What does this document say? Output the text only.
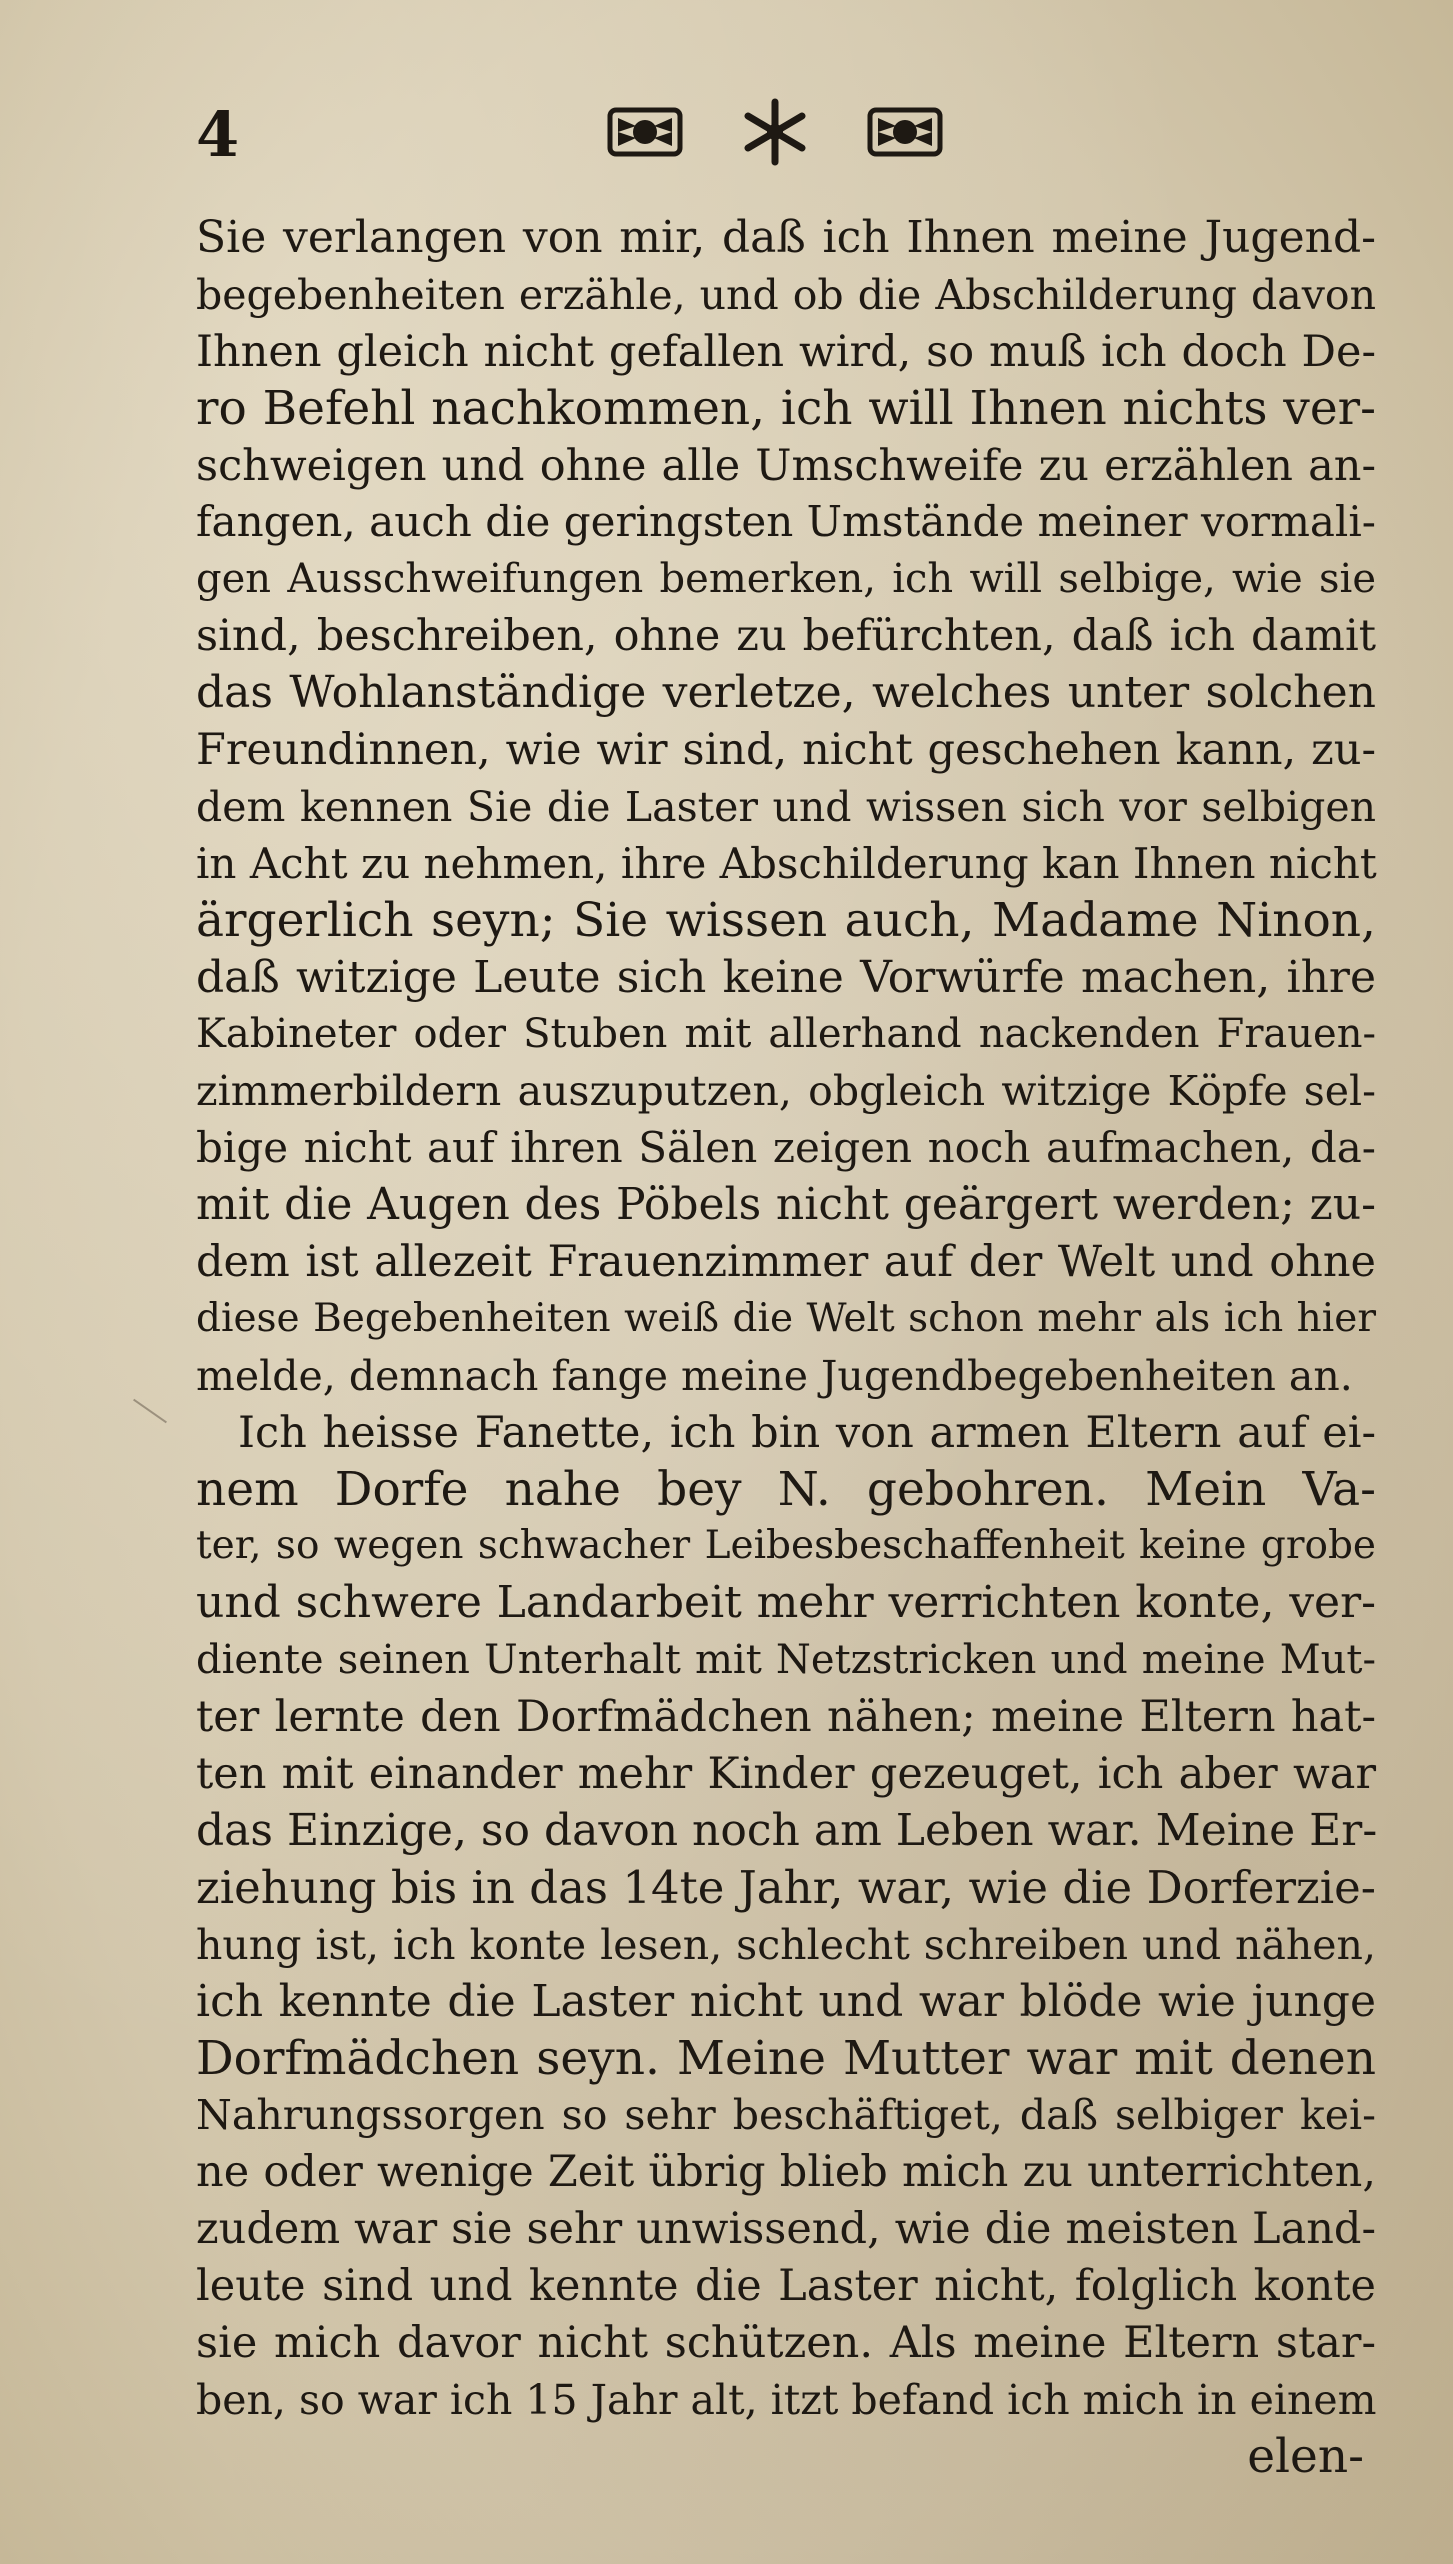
4
Sie verlangen von mir, daß ich Ihnen meine Jugend-
begebenheiten erzähle, und ob die Abschilderung davon
Ihnen gleich nicht gefallen wird, so muß ich doch De-
ro Befehl nachkommen, ich will Ihnen nichts ver-
schweigen und ohne alle Umschweife zu erzählen an-
fangen, auch die geringsten Umstände meiner vormali-
gen Ausschweifungen bemerken, ich will selbige, wie sie
sind, beschreiben, ohne zu befürchten, daß ich damit
das Wohlanständige verletze, welches unter solchen
Freundinnen, wie wir sind, nicht geschehen kann, zu-
dem kennen Sie die Laster und wissen sich vor selbigen
in Acht zu nehmen, ihre Abschilderung kan Ihnen nicht
ärgerlich seyn; Sie wissen auch, Madame Ninon,
daß witzige Leute sich keine Vorwürfe machen, ihre
Kabineter oder Stuben mit allerhand nackenden Frauen-
zimmerbildern auszuputzen, obgleich witzige Köpfe sel-
bige nicht auf ihren Sälen zeigen noch aufmachen, da-
mit die Augen des Pöbels nicht geärgert werden; zu-
dem ist allezeit Frauenzimmer auf der Welt und ohne
diese Begebenheiten weiß die Welt schon mehr als ich hier
melde, demnach fange meine Jugendbegebenheiten an.
Ich heisse Fanette, ich bin von armen Eltern auf ei-
nem Dorfe nahe bey N. gebohren. Mein Va-
ter, so wegen schwacher Leibesbeschaffenheit keine grobe
und schwere Landarbeit mehr verrichten konte, ver-
diente seinen Unterhalt mit Netzstricken und meine Mut-
ter lernte den Dorfmädchen nähen; meine Eltern hat-
ten mit einander mehr Kinder gezeuget, ich aber war
das Einzige, so davon noch am Leben war. Meine Er-
ziehung bis in das 14te Jahr, war, wie die Dorferzie-
hung ist, ich konte lesen, schlecht schreiben und nähen,
ich kennte die Laster nicht und war blöde wie junge
Dorfmädchen seyn. Meine Mutter war mit denen
Nahrungssorgen so sehr beschäftiget, daß selbiger kei-
ne oder wenige Zeit übrig blieb mich zu unterrichten,
zudem war sie sehr unwissend, wie die meisten Land-
leute sind und kennte die Laster nicht, folglich konte
sie mich davor nicht schützen. Als meine Eltern star-
ben, so war ich 15 Jahr alt, itzt befand ich mich in einem
elen-
